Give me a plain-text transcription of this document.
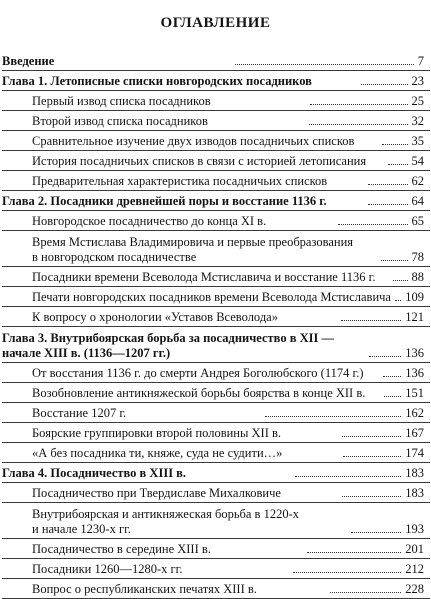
ОГЛАВЛЕНИЕ
Введение	7
Глава 1. Летописные списки новгородских посадников	23
Первый извод списка посадников	25
Второй извод списка посадников	32
Сравнительное изучение двух изводов посадничьих списков	35
История посадничьих списков в связи с историей летописания	54
Предварительная характеристика посадничьих списков	62
Глава 2. Посадники древнейшей поры и восстание 1136 г.	64
Новгородское посадничество до конца XI в.	65
Время Мстислава Владимировича и первые преобразования
в новгородском посадничестве	78
Посадники времени Всеволода Мстиславича и восстание 1136 г.	88
Печати новгородских посадников времени Всеволода Мстиславича 109
К вопросу о хронологии «Уставов Всеволода»	121
Глава 3. Внутрибоярская борьба за посадничество в XII —
начале XIII в. (1136—1207 гг.)	136
От восстания 1136 г. до смерти Андрея Боголюбского (1174 г.)	136
Возобновление антикняжеской борьбы боярства в конце XII в.	151
Восстание 1207 г.	162
Боярские группировки второй половины XII в.	167
«А без посадника ти, княже, суда не судити…»	174
Глава 4. Посадничество в XIII в.	183
Посадничество при Твердиславе Михалковиче	183
Внутрибоярская и антикняжеская борьба в 1220-х
и начале 1230-х гг.	193
Посадничество в середине XIII в.	201
Посадники 1260—1280-х гг.	212
Вопрос о республиканских печатях XIII в.	228
